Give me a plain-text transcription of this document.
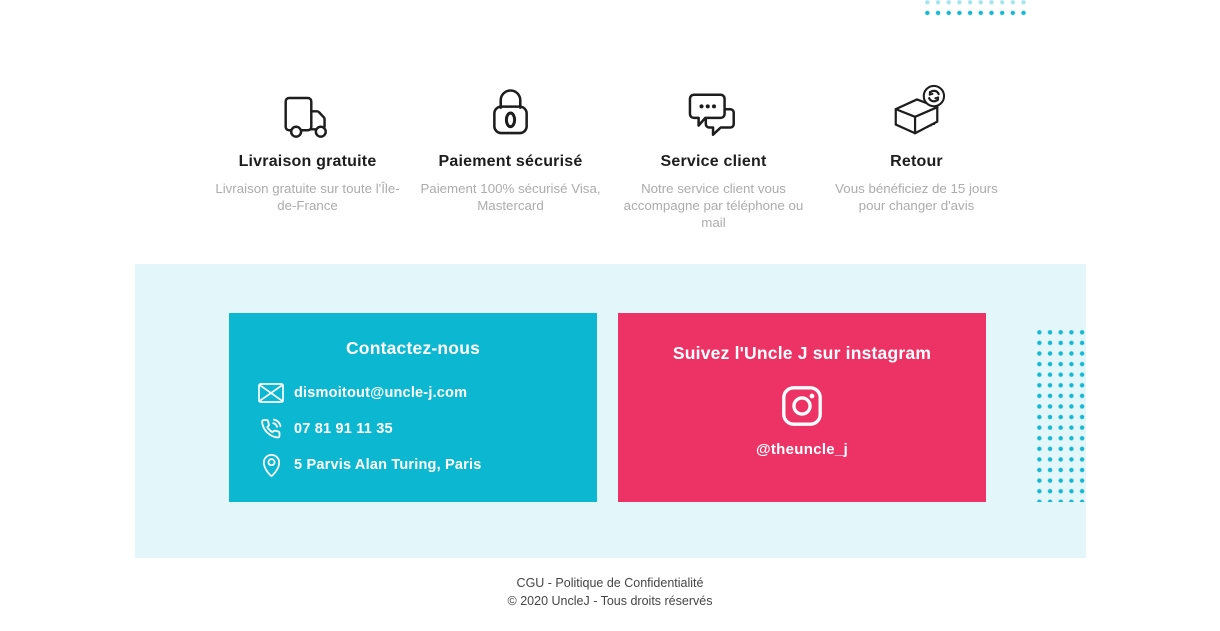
Livraison gratuite

Livraison gratuite sur toute l'Île-de-France

Paiement sécurisé

Paiement 100% sécurisé Visa, Mastercard

Service client

Notre service client vous accompagne par téléphone ou mail

Retour

Vous bénéficiez de 15 jours pour changer d'avis

Contactez-nous
dismoitout@uncle-j.com
07 81 91 11 35
5 Parvis Alan Turing, Paris
Suivez l'Uncle J sur instagram
@theuncle_j
CGU - Politique de Confidentialité
© 2020 UncleJ - Tous droits réservés
